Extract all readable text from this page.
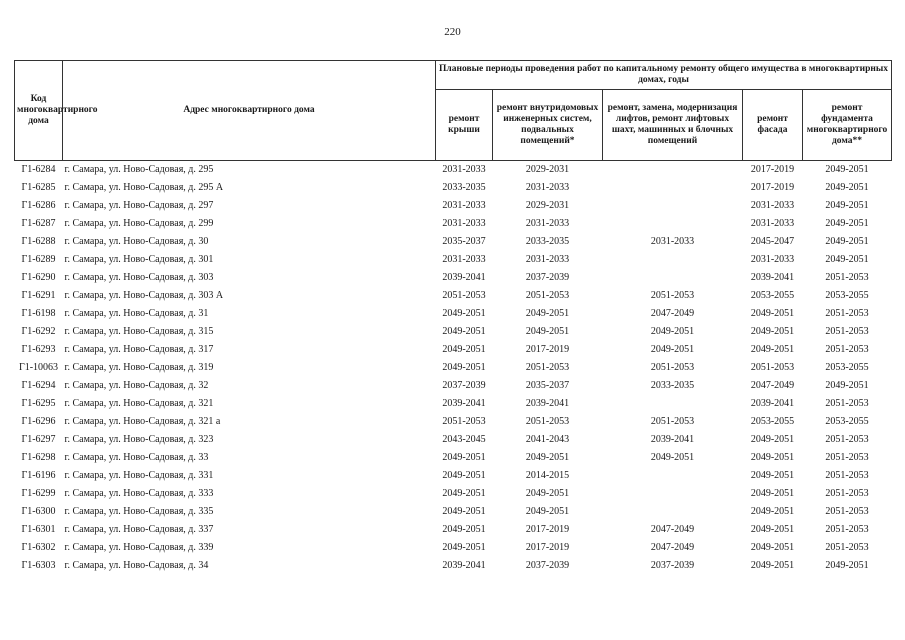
220
Код многоквартирного дома	Адрес многоквартирного дома	Плановые периоды проведения работ по капитальному ремонту общего имущества в многоквартирных домах, годы				
		ремонт крыши	ремонт внутридомовых инженерных систем, подвальных помещений*	ремонт, замена, модернизация лифтов, ремонт лифтовых шахт, машинных и блочных помещений	ремонт фасада	ремонт фундамента многоквартирного дома**
Г1-6284	г. Самара, ул. Ново-Садовая, д. 295	2031-2033	2029-2031		2017-2019	2049-2051
Г1-6285	г. Самара, ул. Ново-Садовая, д. 295 А	2033-2035	2031-2033		2017-2019	2049-2051
Г1-6286	г. Самара, ул. Ново-Садовая, д. 297	2031-2033	2029-2031		2031-2033	2049-2051
Г1-6287	г. Самара, ул. Ново-Садовая, д. 299	2031-2033	2031-2033		2031-2033	2049-2051
Г1-6288	г. Самара, ул. Ново-Садовая, д. 30	2035-2037	2033-2035	2031-2033	2045-2047	2049-2051
Г1-6289	г. Самара, ул. Ново-Садовая, д. 301	2031-2033	2031-2033		2031-2033	2049-2051
Г1-6290	г. Самара, ул. Ново-Садовая, д. 303	2039-2041	2037-2039		2039-2041	2051-2053
Г1-6291	г. Самара, ул. Ново-Садовая, д. 303 А	2051-2053	2051-2053	2051-2053	2053-2055	2053-2055
Г1-6198	г. Самара, ул. Ново-Садовая, д. 31	2049-2051	2049-2051	2047-2049	2049-2051	2051-2053
Г1-6292	г. Самара, ул. Ново-Садовая, д. 315	2049-2051	2049-2051	2049-2051	2049-2051	2051-2053
Г1-6293	г. Самара, ул. Ново-Садовая, д. 317	2049-2051	2017-2019	2049-2051	2049-2051	2051-2053
Г1-10063	г. Самара, ул. Ново-Садовая, д. 319	2049-2051	2051-2053	2051-2053	2051-2053	2053-2055
Г1-6294	г. Самара, ул. Ново-Садовая, д. 32	2037-2039	2035-2037	2033-2035	2047-2049	2049-2051
Г1-6295	г. Самара, ул. Ново-Садовая, д. 321	2039-2041	2039-2041		2039-2041	2051-2053
Г1-6296	г. Самара, ул. Ново-Садовая, д. 321 а	2051-2053	2051-2053	2051-2053	2053-2055	2053-2055
Г1-6297	г. Самара, ул. Ново-Садовая, д. 323	2043-2045	2041-2043	2039-2041	2049-2051	2051-2053
Г1-6298	г. Самара, ул. Ново-Садовая, д. 33	2049-2051	2049-2051	2049-2051	2049-2051	2051-2053
Г1-6196	г. Самара, ул. Ново-Садовая, д. 331	2049-2051	2014-2015		2049-2051	2051-2053
Г1-6299	г. Самара, ул. Ново-Садовая, д. 333	2049-2051	2049-2051		2049-2051	2051-2053
Г1-6300	г. Самара, ул. Ново-Садовая, д. 335	2049-2051	2049-2051		2049-2051	2051-2053
Г1-6301	г. Самара, ул. Ново-Садовая, д. 337	2049-2051	2017-2019	2047-2049	2049-2051	2051-2053
Г1-6302	г. Самара, ул. Ново-Садовая, д. 339	2049-2051	2017-2019	2047-2049	2049-2051	2051-2053
Г1-6303	г. Самара, ул. Ново-Садовая, д. 34	2039-2041	2037-2039	2037-2039	2049-2051	2049-2051
